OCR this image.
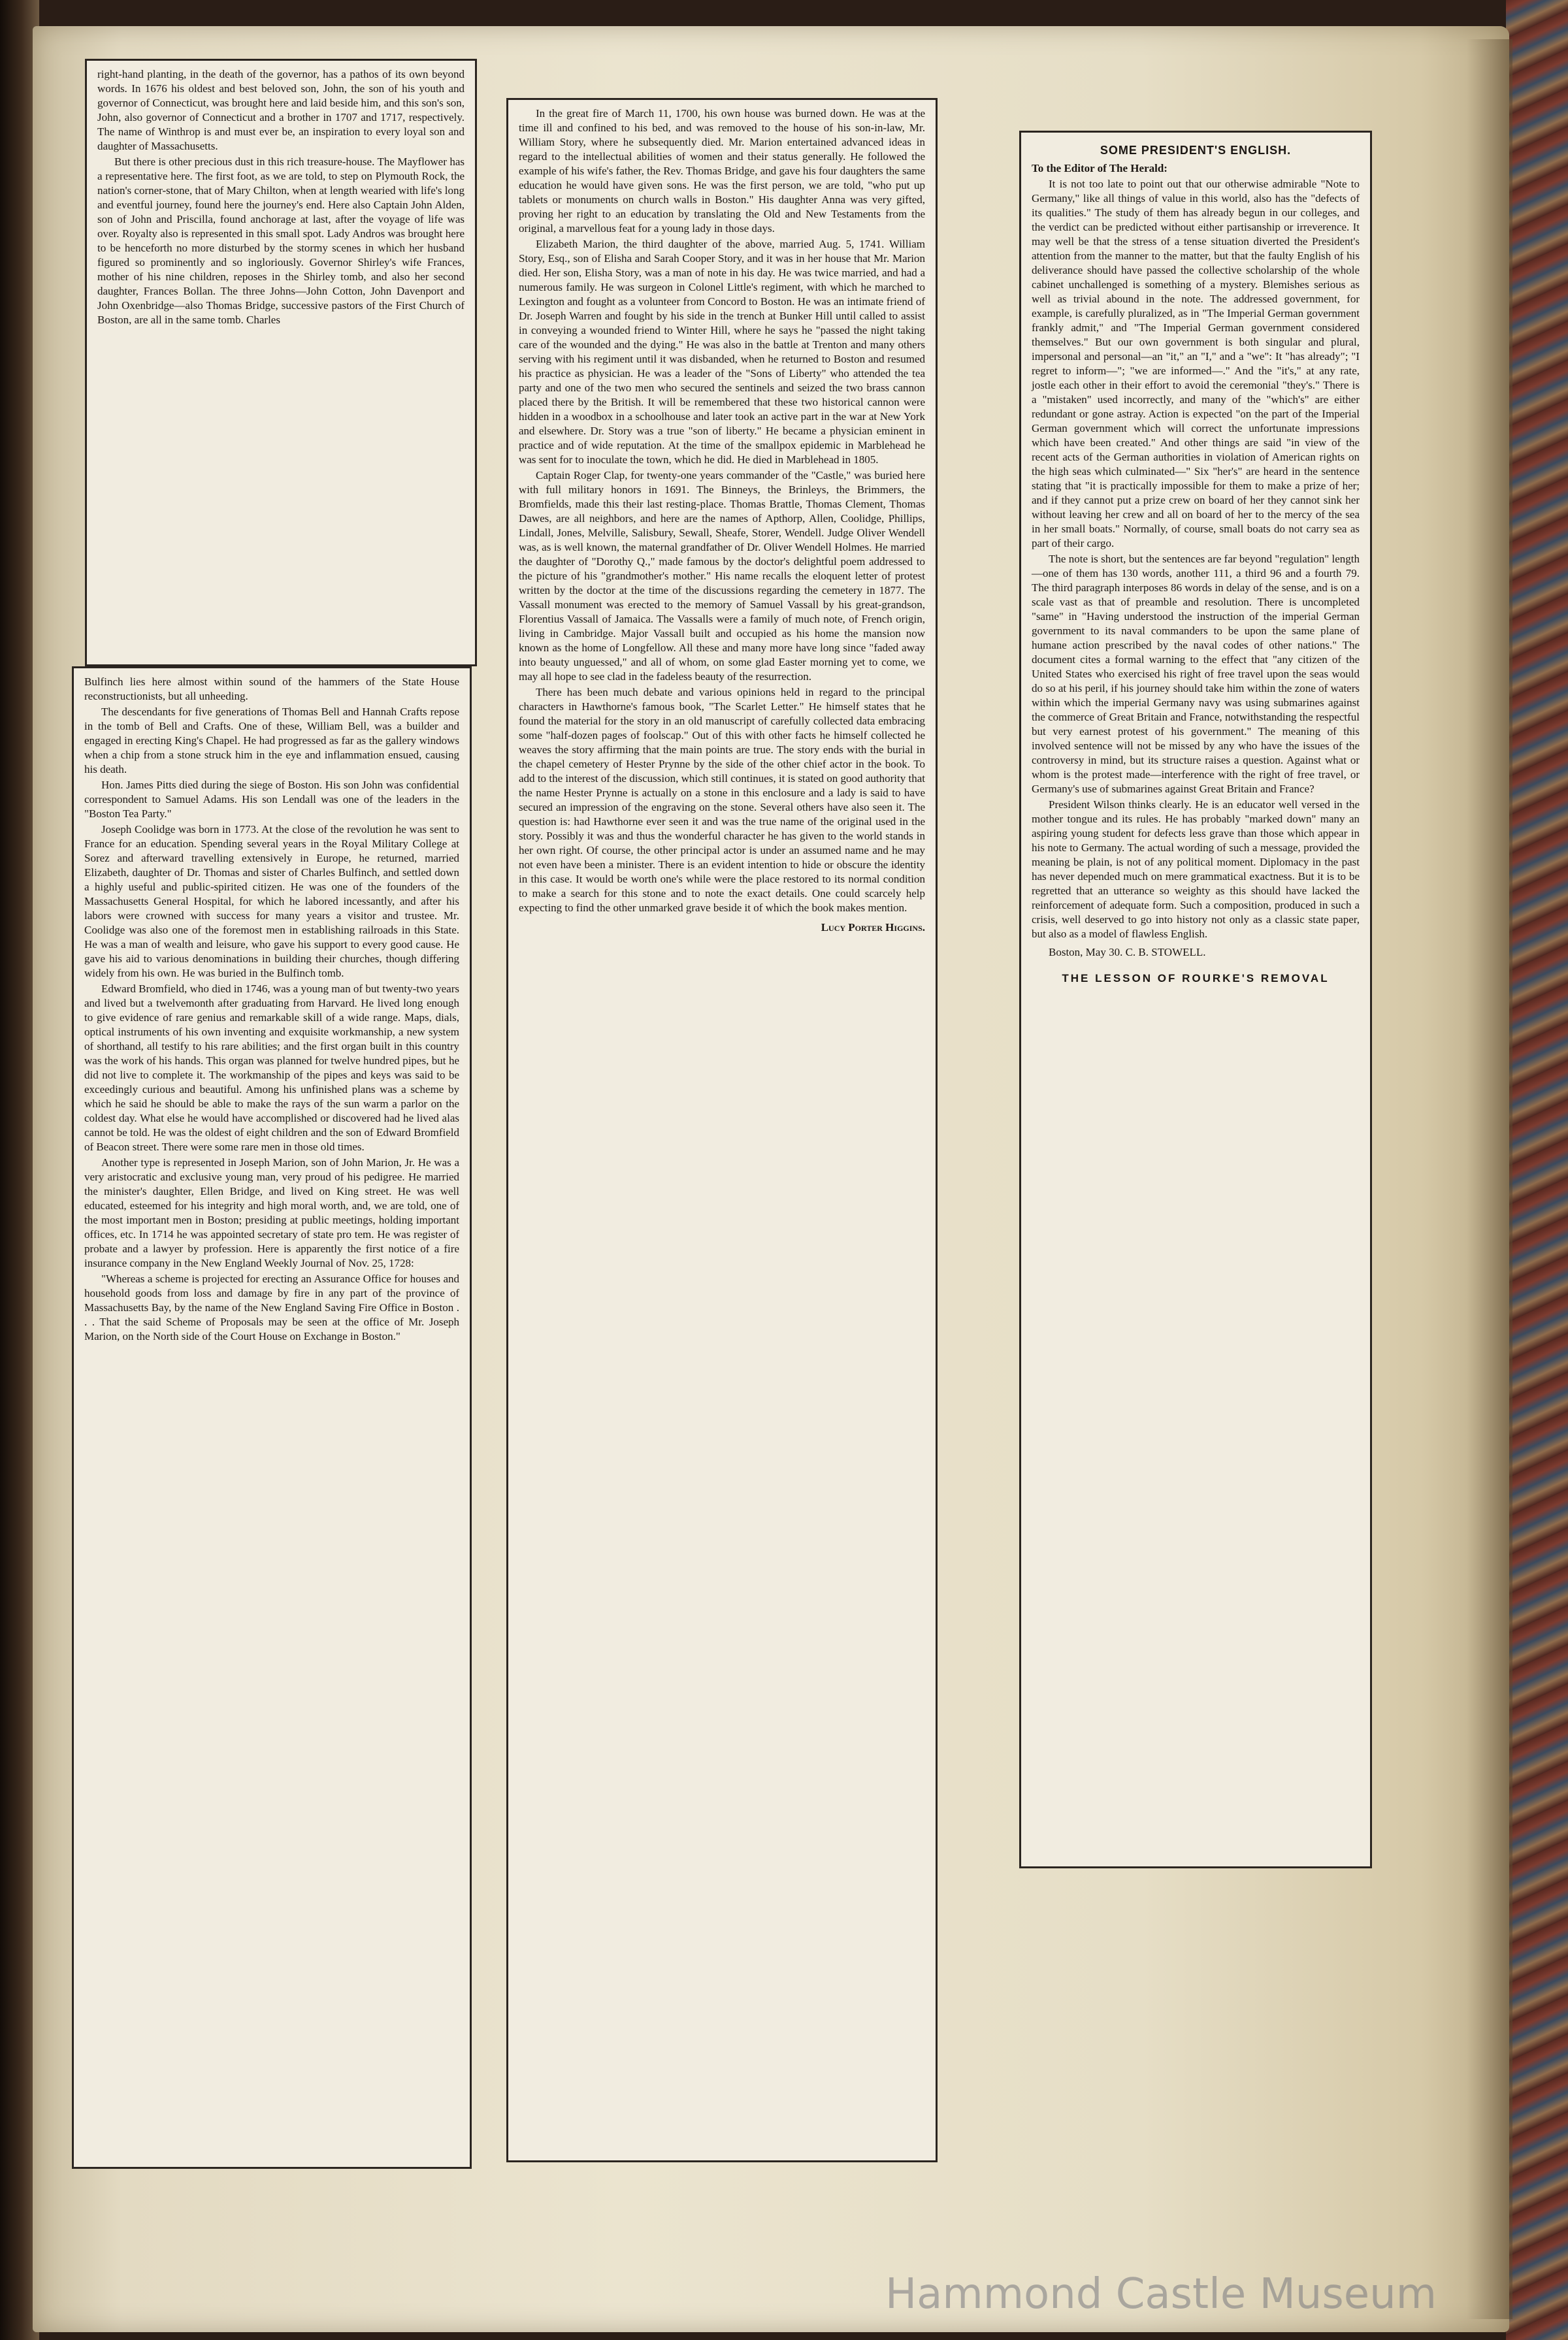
right-hand planting, in the death of the governor, has a pathos of its own beyond words. In 1676 his oldest and best beloved son, John, the son of his youth and governor of Connecticut, was brought here and laid beside him, and this son's son, John, also governor of Connecticut and a brother in 1707 and 1717, respectively. The name of Winthrop is and must ever be, an inspiration to every loyal son and daughter of Massachusetts.

But there is other precious dust in this rich treasure-house. The Mayflower has a representative here. The first foot, as we are told, to step on Plymouth Rock, the nation's corner-stone, that of Mary Chilton, when at length wearied with life's long and eventful journey, found here the journey's end. Here also Captain John Alden, son of John and Priscilla, found anchorage at last, after the voyage of life was over. Royalty also is represented in this small spot. Lady Andros was brought here to be henceforth no more disturbed by the stormy scenes in which her husband figured so prominently and so ingloriously. Governor Shirley's wife Frances, mother of his nine children, reposes in the Shirley tomb, and also her second daughter, Frances Bollan. The three Johns—John Cotton, John Davenport and John Oxenbridge—also Thomas Bridge, successive pastors of the First Church of Boston, are all in the same tomb. Charles

Bulfinch lies here almost within sound of the hammers of the State House reconstructionists, but all unheeding.

The descendants for five generations of Thomas Bell and Hannah Crafts repose in the tomb of Bell and Crafts. One of these, William Bell, was a builder and engaged in erecting King's Chapel. He had progressed as far as the gallery windows when a chip from a stone struck him in the eye and inflammation ensued, causing his death.

Hon. James Pitts died during the siege of Boston. His son John was confidential correspondent to Samuel Adams. His son Lendall was one of the leaders in the "Boston Tea Party."

Joseph Coolidge was born in 1773. At the close of the revolution he was sent to France for an education. Spending several years in the Royal Military College at Sorez and afterward travelling extensively in Europe, he returned, married Elizabeth, daughter of Dr. Thomas and sister of Charles Bulfinch, and settled down a highly useful and public-spirited citizen. He was one of the founders of the Massachusetts General Hospital, for which he labored incessantly, and after his labors were crowned with success for many years a visitor and trustee. Mr. Coolidge was also one of the foremost men in establishing railroads in this State. He was a man of wealth and leisure, who gave his support to every good cause. He gave his aid to various denominations in building their churches, though differing widely from his own. He was buried in the Bulfinch tomb.

Edward Bromfield, who died in 1746, was a young man of but twenty-two years and lived but a twelvemonth after graduating from Harvard. He lived long enough to give evidence of rare genius and remarkable skill of a wide range. Maps, dials, optical instruments of his own inventing and exquisite workmanship, a new system of shorthand, all testify to his rare abilities; and the first organ built in this country was the work of his hands. This organ was planned for twelve hundred pipes, but he did not live to complete it. The workmanship of the pipes and keys was said to be exceedingly curious and beautiful. Among his unfinished plans was a scheme by which he said he should be able to make the rays of the sun warm a parlor on the coldest day. What else he would have accomplished or discovered had he lived alas cannot be told. He was the oldest of eight children and the son of Edward Bromfield of Beacon street. There were some rare men in those old times.

Another type is represented in Joseph Marion, son of John Marion, Jr. He was a very aristocratic and exclusive young man, very proud of his pedigree. He married the minister's daughter, Ellen Bridge, and lived on King street. He was well educated, esteemed for his integrity and high moral worth, and, we are told, one of the most important men in Boston; presiding at public meetings, holding important offices, etc. In 1714 he was appointed secretary of state pro tem. He was register of probate and a lawyer by profession. Here is apparently the first notice of a fire insurance company in the New England Weekly Journal of Nov. 25, 1728:

"Whereas a scheme is projected for erecting an Assurance Office for houses and household goods from loss and damage by fire in any part of the province of Massachusetts Bay, by the name of the New England Saving Fire Office in Boston . . . That the said Scheme of Proposals may be seen at the office of Mr. Joseph Marion, on the North side of the Court House on Exchange in Boston."

In the great fire of March 11, 1700, his own house was burned down. He was at the time ill and confined to his bed, and was removed to the house of his son-in-law, Mr. William Story, where he subsequently died. Mr. Marion entertained advanced ideas in regard to the intellectual abilities of women and their status generally. He followed the example of his wife's father, the Rev. Thomas Bridge, and gave his four daughters the same education he would have given sons. He was the first person, we are told, "who put up tablets or monuments on church walls in Boston." His daughter Anna was very gifted, proving her right to an education by translating the Old and New Testaments from the original, a marvellous feat for a young lady in those days.

Elizabeth Marion, the third daughter of the above, married Aug. 5, 1741. William Story, Esq., son of Elisha and Sarah Cooper Story, and it was in her house that Mr. Marion died. Her son, Elisha Story, was a man of note in his day. He was twice married, and had a numerous family. He was surgeon in Colonel Little's regiment, with which he marched to Lexington and fought as a volunteer from Concord to Boston. He was an intimate friend of Dr. Joseph Warren and fought by his side in the trench at Bunker Hill until called to assist in conveying a wounded friend to Winter Hill, where he says he "passed the night taking care of the wounded and the dying." He was also in the battle at Trenton and many others serving with his regiment until it was disbanded, when he returned to Boston and resumed his practice as physician. He was a leader of the "Sons of Liberty" who attended the tea party and one of the two men who secured the sentinels and seized the two brass cannon placed there by the British. It will be remembered that these two historical cannon were hidden in a woodbox in a schoolhouse and later took an active part in the war at New York and elsewhere. Dr. Story was a true "son of liberty." He became a physician eminent in practice and of wide reputation. At the time of the smallpox epidemic in Marblehead he was sent for to inoculate the town, which he did. He died in Marblehead in 1805.

Captain Roger Clap, for twenty-one years commander of the "Castle," was buried here with full military honors in 1691. The Binneys, the Brinleys, the Brimmers, the Bromfields, made this their last resting-place. Thomas Brattle, Thomas Clement, Thomas Dawes, are all neighbors, and here are the names of Apthorp, Allen, Coolidge, Phillips, Lindall, Jones, Melville, Salisbury, Sewall, Sheafe, Storer, Wendell. Judge Oliver Wendell was, as is well known, the maternal grandfather of Dr. Oliver Wendell Holmes. He married the daughter of "Dorothy Q.," made famous by the doctor's delightful poem addressed to the picture of his "grandmother's mother." His name recalls the eloquent letter of protest written by the doctor at the time of the discussions regarding the cemetery in 1877. The Vassall monument was erected to the memory of Samuel Vassall by his great-grandson, Florentius Vassall of Jamaica. The Vassalls were a family of much note, of French origin, living in Cambridge. Major Vassall built and occupied as his home the mansion now known as the home of Longfellow. All these and many more have long since "faded away into beauty unguessed," and all of whom, on some glad Easter morning yet to come, we may all hope to see clad in the fadeless beauty of the resurrection.

There has been much debate and various opinions held in regard to the principal characters in Hawthorne's famous book, "The Scarlet Letter." He himself states that he found the material for the story in an old manuscript of carefully collected data embracing some "half-dozen pages of foolscap." Out of this with other facts he himself collected he weaves the story affirming that the main points are true. The story ends with the burial in the chapel cemetery of Hester Prynne by the side of the other chief actor in the book. To add to the interest of the discussion, which still continues, it is stated on good authority that the name Hester Prynne is actually on a stone in this enclosure and a lady is said to have secured an impression of the engraving on the stone. Several others have also seen it. The question is: had Hawthorne ever seen it and was the true name of the original used in the story. Possibly it was and thus the wonderful character he has given to the world stands in her own right. Of course, the other principal actor is under an assumed name and he may not even have been a minister. There is an evident intention to hide or obscure the identity in this case. It would be worth one's while were the place restored to its normal condition to make a search for this stone and to note the exact details. One could scarcely help expecting to find the other unmarked grave beside it of which the book makes mention.

Lucy Porter Higgins.

SOME PRESIDENT'S ENGLISH.

To the Editor of The Herald:

It is not too late to point out that our otherwise admirable "Note to Germany," like all things of value in this world, also has the "defects of its qualities." The study of them has already begun in our colleges, and the verdict can be predicted without either partisanship or irreverence. It may well be that the stress of a tense situation diverted the President's attention from the manner to the matter, but that the faulty English of his deliverance should have passed the collective scholarship of the whole cabinet unchallenged is something of a mystery. Blemishes serious as well as trivial abound in the note. The addressed government, for example, is carefully pluralized, as in "The Imperial German government frankly admit," and "The Imperial German government considered themselves." But our own government is both singular and plural, impersonal and personal—an "it," an "I," and a "we": It "has already"; "I regret to inform—"; "we are informed—." And the "it's," at any rate, jostle each other in their effort to avoid the ceremonial "they's." There is a "mistaken" used incorrectly, and many of the "which's" are either redundant or gone astray. Action is expected "on the part of the Imperial German government which will correct the unfortunate impressions which have been created." And other things are said "in view of the recent acts of the German authorities in violation of American rights on the high seas which culminated—" Six "her's" are heard in the sentence stating that "it is practically impossible for them to make a prize of her; and if they cannot put a prize crew on board of her they cannot sink her without leaving her crew and all on board of her to the mercy of the sea in her small boats." Normally, of course, small boats do not carry sea as part of their cargo.

The note is short, but the sentences are far beyond "regulation" length—one of them has 130 words, another 111, a third 96 and a fourth 79. The third paragraph interposes 86 words in delay of the sense, and is on a scale vast as that of preamble and resolution. There is uncompleted "same" in "Having understood the instruction of the imperial German government to its naval commanders to be upon the same plane of humane action prescribed by the naval codes of other nations." The document cites a formal warning to the effect that "any citizen of the United States who exercised his right of free travel upon the seas would do so at his peril, if his journey should take him within the zone of waters within which the imperial Germany navy was using submarines against the commerce of Great Britain and France, notwithstanding the respectful but very earnest protest of his government." The meaning of this involved sentence will not be missed by any who have the issues of the controversy in mind, but its structure raises a question. Against what or whom is the protest made—interference with the right of free travel, or Germany's use of submarines against Great Britain and France?

President Wilson thinks clearly. He is an educator well versed in the mother tongue and its rules. He has probably "marked down" many an aspiring young student for defects less grave than those which appear in his note to Germany. The actual wording of such a message, provided the meaning be plain, is not of any political moment. Diplomacy in the past has never depended much on mere grammatical exactness. But it is to be regretted that an utterance so weighty as this should have lacked the reinforcement of adequate form. Such a composition, produced in such a crisis, well deserved to go into history not only as a classic state paper, but also as a model of flawless English.

Boston, May 30. C. B. STOWELL.

THE LESSON OF ROURKE'S REMOVAL

Hammond Castle Museum
